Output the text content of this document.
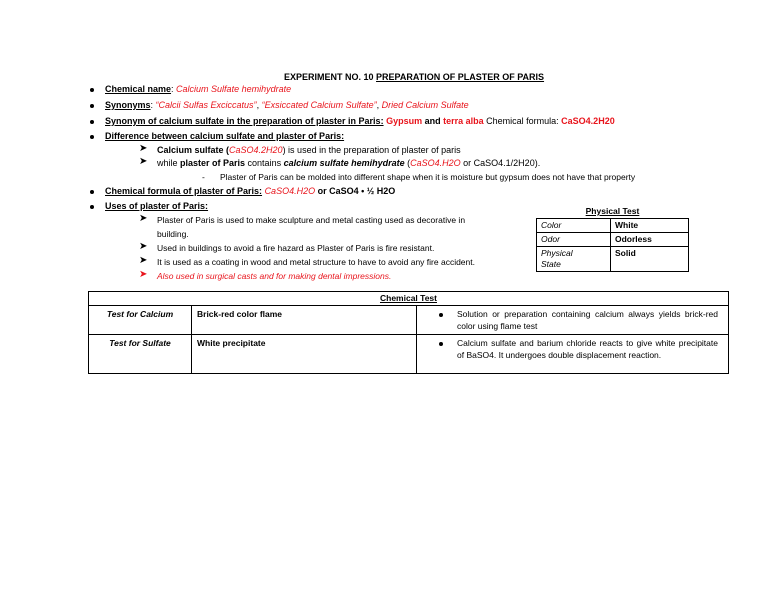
EXPERIMENT NO. 10 PREPARATION OF PLASTER OF PARIS
Chemical name: Calcium Sulfate hemihydrate
Synonyms: “Calcii Sulfas Exciccatus”, “Exsiccated Calcium Sulfate”, Dried Calcium Sulfate
Synonym of calcium sulfate in the preparation of plaster in Paris: Gypsum and terra alba Chemical formula: CaSO4.2H20
Difference between calcium sulfate and plaster of Paris:
➤ Calcium sulfate (CaSO4.2H20) is used in the preparation of plaster of paris
➤ while plaster of Paris contains calcium sulfate hemihydrate (CaSO4.H2O or CaSO4.1/2H20).
- Plaster of Paris can be molded into different shape when it is moisture but gypsum does not have that property
Chemical formula of plaster of Paris: CaSO4.H2O or CaSO4 • ½ H2O
Uses of plaster of Paris:
➤ Plaster of Paris is used to make sculpture and metal casting used as decorative in
building.
➤ Used in buildings to avoid a fire hazard as Plaster of Paris is fire resistant.
➤ It is used as a coating in wood and metal structure to have to avoid any fire accident.
➤ Also used in surgical casts and for making dental impressions.
Physical Test
Color	White
Odor	Odorless
Physical
State	Solid
Chemical Test
Test for Calcium	Brick-red color flame	Solution or preparation containing calcium always yields brick-red color using flame test
Test for Sulfate	White precipitate	Calcium sulfate and barium chloride reacts to give white precipitate of BaSO4. It undergoes double displacement reaction.
